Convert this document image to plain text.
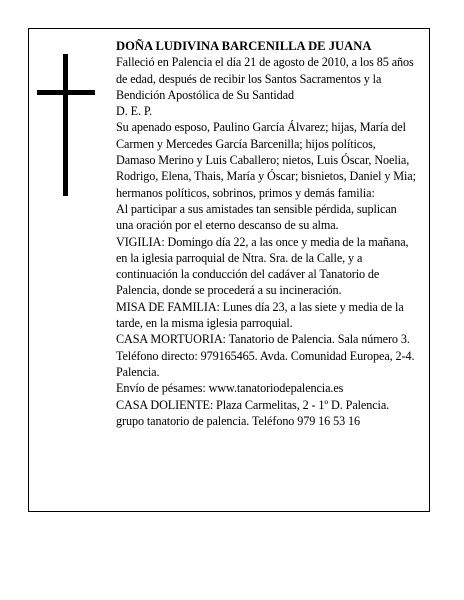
DOÑA LUDIVINA BARCENILLA DE JUANA

Falleció en Palencia el día 21 de agosto de 2010, a los 85 años de edad, después de recibir los Santos Sacramentos y la Bendición Apostólica de Su Santidad

D. E. P.

Su apenado esposo, Paulino García Álvarez; hijas, María del Carmen y Mercedes García Barcenilla; hijos políticos, Damaso Merino y Luis Caballero; nietos, Luis Óscar, Noelia, Rodrigo, Elena, Thais, María y Óscar; bisnietos, Daniel y Mia; hermanos políticos, sobrinos, primos y demás familia:

Al participar a sus amistades tan sensible pérdida, suplican una oración por el eterno descanso de su alma.

VIGILIA: Domingo día 22, a las once y media de la mañana, en la iglesia parroquial de Ntra. Sra. de la Calle, y a continuación la conducción del cadáver al Tanatorio de Palencia, donde se procederá a su incineración.

MISA DE FAMILIA: Lunes día 23, a las siete y media de la tarde, en la misma iglesia parroquial.

CASA MORTUORIA: Tanatorio de Palencia. Sala número 3. Teléfono directo: 979165465. Avda. Comunidad Europea, 2-4. Palencia.

Envío de pésames: www.tanatoriodepalencia.es

CASA DOLIENTE: Plaza Carmelitas, 2 - 1º D. Palencia.

grupo tanatorio de palencia. Teléfono 979 16 53 16
